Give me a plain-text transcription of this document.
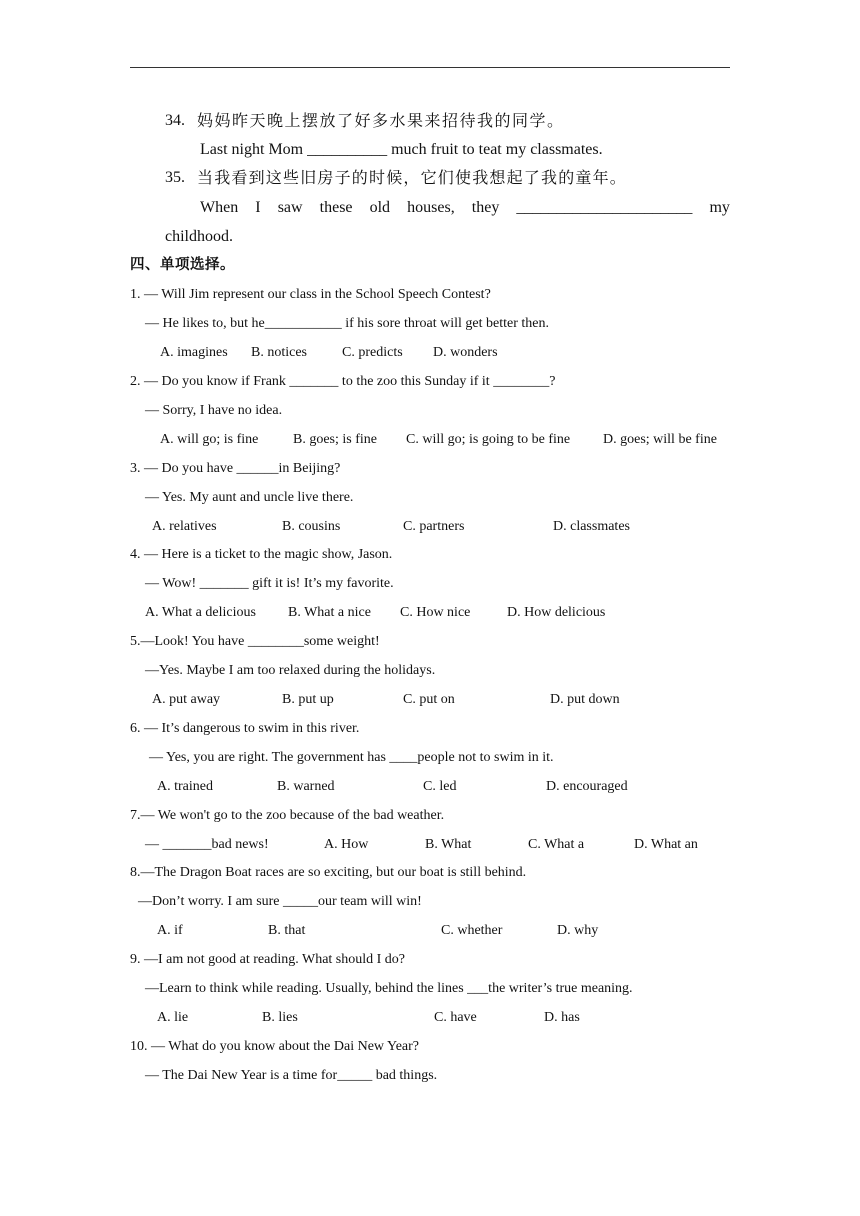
34. 妈妈昨天晚上摆放了好多水果来招待我的同学。
Last night Mom __________ much fruit to teat my classmates.
35. 当我看到这些旧房子的时候，它们使我想起了我的童年。
When I saw these old houses, they ______________________ my
childhood.
四、单项选择。
1. — Will Jim represent our class in the School Speech Contest?
— He likes to, but he___________ if his sore throat will get better then.
A. imagines B. notices	C. predicts D. wonders
2. — Do you know if Frank _______ to the zoo this Sunday if it ________?
— Sorry, I have no idea.
A. will go; is fine B. goes; is fine C. will go; is going to be fine D. goes; will be fine
3. — Do you have ______in Beijing?
— Yes. My aunt and uncle live there.
A. relatives	B. cousins	C. partners	D. classmates
4. — Here is a ticket to the magic show, Jason.
— Wow! _______ gift it is! It’s my favorite.
A. What a delicious B. What a nice C. How nice	D. How delicious
5.—Look! You have ________some weight!
—Yes. Maybe I am too relaxed during the holidays.
A. put away	B. put up	C. put on	D. put down
6. — It’s dangerous to swim in this river.
— Yes, you are right. The government has ____people not to swim in it.
A. trained	B. warned	C. led	D. encouraged
7.— We won't go to the zoo because of the bad weather.
— _______bad news!	A. How	B. What	C. What a	D. What an
8.—The Dragon Boat races are so exciting, but our boat is still behind.
—Don’t worry. I am sure _____our team will win!
A. if	B. that	C. whether	D. why
9. —I am not good at reading. What should I do?
—Learn to think while reading. Usually, behind the lines ___the writer’s true meaning.
A. lie	B. lies	C. have	D. has
10. — What do you know about the Dai New Year?
— The Dai New Year is a time for_____ bad things.
